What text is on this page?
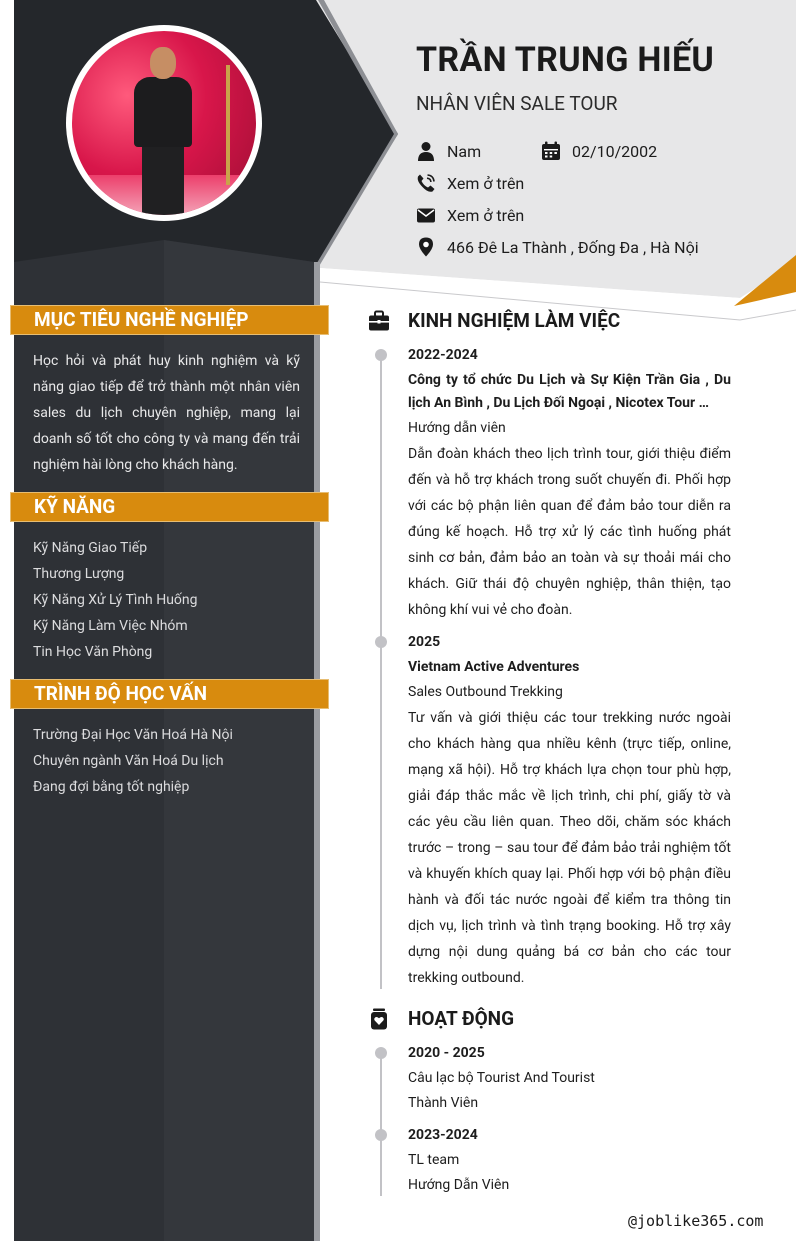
TRẦN TRUNG HIẾU
NHÂN VIÊN SALE TOUR
Nam	02/10/2002
Xem ở trên
Xem ở trên
466 Đê La Thành , Đống Đa , Hà Nội
MỤC TIÊU NGHỀ NGHIỆP
Học hỏi và phát huy kinh nghiệm và kỹ năng giao tiếp để trở thành một nhân viên sales du lịch chuyên nghiệp, mang lại doanh số tốt cho công ty và mang đến trải nghiệm hài lòng cho khách hàng.
KỸ NĂNG
Kỹ Năng Giao Tiếp
Thương Lượng
Kỹ Năng Xử Lý Tình Huống
Kỹ Năng Làm Việc Nhóm
Tin Học Văn Phòng
TRÌNH ĐỘ HỌC VẤN
Trường Đại Học Văn Hoá Hà Nội
Chuyên ngành Văn Hoá Du lịch
Đang đợi bằng tốt nghiệp
KINH NGHIỆM LÀM VIỆC
2022-2024
Công ty tổ chức Du Lịch và Sự Kiện Trần Gia , Du lịch An Bình , Du Lịch Đối Ngoại , Nicotex Tour …
Hướng dẫn viên
Dẫn đoàn khách theo lịch trình tour, giới thiệu điểm đến và hỗ trợ khách trong suốt chuyến đi. Phối hợp với các bộ phận liên quan để đảm bảo tour diễn ra đúng kế hoạch. Hỗ trợ xử lý các tình huống phát sinh cơ bản, đảm bảo an toàn và sự thoải mái cho khách. Giữ thái độ chuyên nghiệp, thân thiện, tạo không khí vui vẻ cho đoàn.
2025
Vietnam Active Adventures
Sales Outbound Trekking
Tư vấn và giới thiệu các tour trekking nước ngoài cho khách hàng qua nhiều kênh (trực tiếp, online, mạng xã hội). Hỗ trợ khách lựa chọn tour phù hợp, giải đáp thắc mắc về lịch trình, chi phí, giấy tờ và các yêu cầu liên quan. Theo dõi, chăm sóc khách trước – trong – sau tour để đảm bảo trải nghiệm tốt và khuyến khích quay lại. Phối hợp với bộ phận điều hành và đối tác nước ngoài để kiểm tra thông tin dịch vụ, lịch trình và tình trạng booking. Hỗ trợ xây dựng nội dung quảng bá cơ bản cho các tour trekking outbound.
HOẠT ĐỘNG
2020 - 2025
Câu lạc bộ Tourist And Tourist
Thành Viên
2023-2024
TL team
Hướng Dẫn Viên
@joblike365.com
